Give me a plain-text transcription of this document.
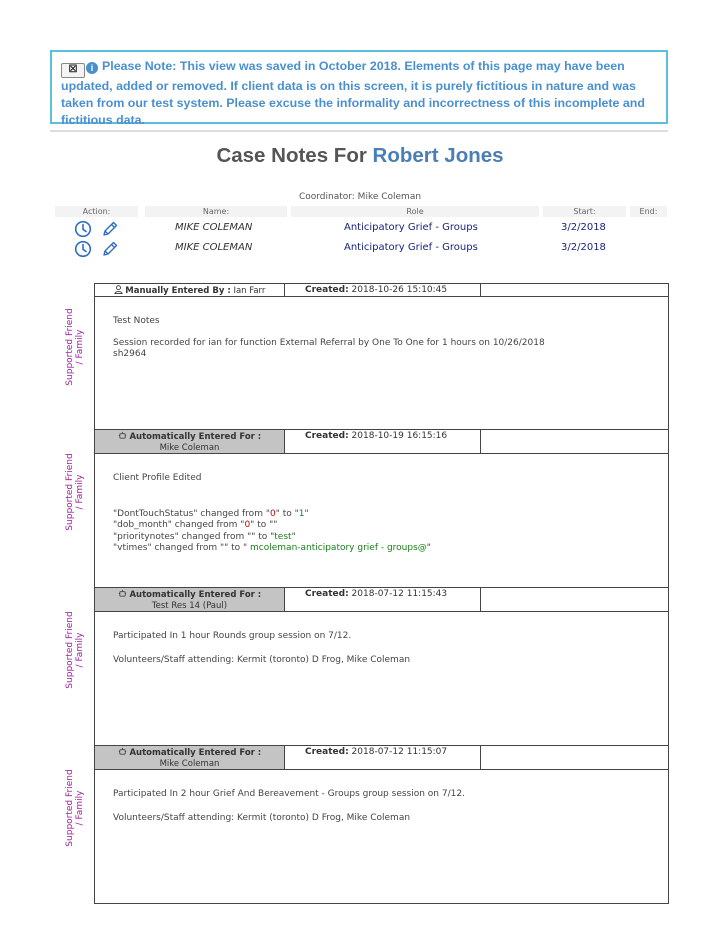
☒ i Please Note: This view was saved in October 2018. Elements of this page may have been updated, added or removed. If client data is on this screen, it is purely fictitious in nature and was taken from our test system. Please excuse the informality and incorrectness of this incomplete and fictitious data.
Case Notes For Robert Jones
Coordinator: Mike Coleman
Action:	Name:	Role	Start:	End:
MIKE COLEMAN	Anticipatory Grief - Groups	3/2/2018
MIKE COLEMAN	Anticipatory Grief - Groups	3/2/2018
Supported Friend / Family
Manually Entered By : Ian Farr	Created: 2018-10-26 15:10:45
Test Notes
Session recorded for ian for function External Referral by One To One for 1 hours on 10/26/2018
sh2964
Supported Friend / Family
Automatically Entered For :
Mike Coleman
Created: 2018-10-19 16:15:16
Client Profile Edited
"DontTouchStatus" changed from "0" to "1"
"dob_month" changed from "0" to ""
"prioritynotes" changed from "" to "test"
"vtimes" changed from "" to " mcoleman-anticipatory grief - groups@"
Supported Friend / Family
Automatically Entered For :
Test Res 14 (Paul)
Created: 2018-07-12 11:15:43
Participated In 1 hour Rounds group session on 7/12.
Volunteers/Staff attending: Kermit (toronto) D Frog, Mike Coleman
Supported Friend / Family
Automatically Entered For :
Mike Coleman
Created: 2018-07-12 11:15:07
Participated In 2 hour Grief And Bereavement - Groups group session on 7/12.
Volunteers/Staff attending: Kermit (toronto) D Frog, Mike Coleman
